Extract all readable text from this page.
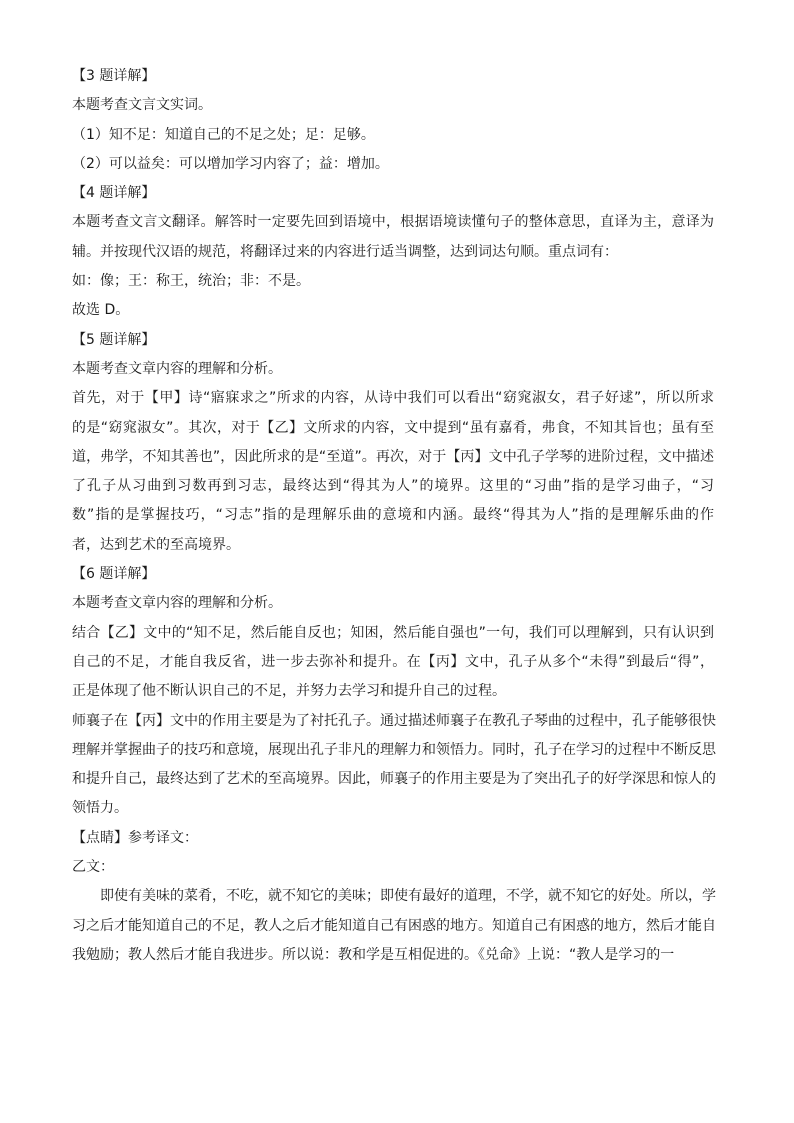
【3 题详解】
本题考查文言文实词。
（1）知不足：知道自己的不足之处；足：足够。
（2）可以益矣：可以增加学习内容了；益：增加。
【4 题详解】
本题考查文言文翻译。解答时一定要先回到语境中，根据语境读懂句子的整体意思，直译为主，意译为
辅。并按现代汉语的规范，将翻译过来的内容进行适当调整，达到词达句顺。重点词有：
如：像；王：称王，统治；非：不是。
故选 D。
【5 题详解】
本题考查文章内容的理解和分析。
首先，对于【甲】诗“寤寐求之”所求的内容，从诗中我们可以看出“窈窕淑女，君子好逑”，所以所求
的是“窈窕淑女”。其次，对于【乙】文所求的内容，文中提到“虽有嘉肴，弗食，不知其旨也；虽有至
道，弗学，不知其善也”，因此所求的是“至道”。再次，对于【丙】文中孔子学琴的进阶过程，文中描述
了孔子从习曲到习数再到习志，最终达到“得其为人”的境界。这里的“习曲”指的是学习曲子，“习
数”指的是掌握技巧，“习志”指的是理解乐曲的意境和内涵。最终“得其为人”指的是理解乐曲的作
者，达到艺术的至高境界。
【6 题详解】
本题考查文章内容的理解和分析。
结合【乙】文中的“知不足，然后能自反也；知困，然后能自强也”一句，我们可以理解到，只有认识到
自己的不足，才能自我反省，进一步去弥补和提升。在【丙】文中，孔子从多个“未得”到最后“得”，
正是体现了他不断认识自己的不足，并努力去学习和提升自己的过程。
师襄子在【丙】文中的作用主要是为了衬托孔子。通过描述师襄子在教孔子琴曲的过程中，孔子能够很快
理解并掌握曲子的技巧和意境，展现出孔子非凡的理解力和领悟力。同时，孔子在学习的过程中不断反思
和提升自己，最终达到了艺术的至高境界。因此，师襄子的作用主要是为了突出孔子的好学深思和惊人的
领悟力。
【点睛】参考译文：
乙文：
即使有美味的菜肴，不吃，就不知它的美味；即使有最好的道理，不学，就不知它的好处。所以，学
习之后才能知道自己的不足，教人之后才能知道自己有困惑的地方。知道自己有困惑的地方，然后才能自
我勉励；教人然后才能自我进步。所以说：教和学是互相促进的。《兑命》上说：“教人是学习的一
